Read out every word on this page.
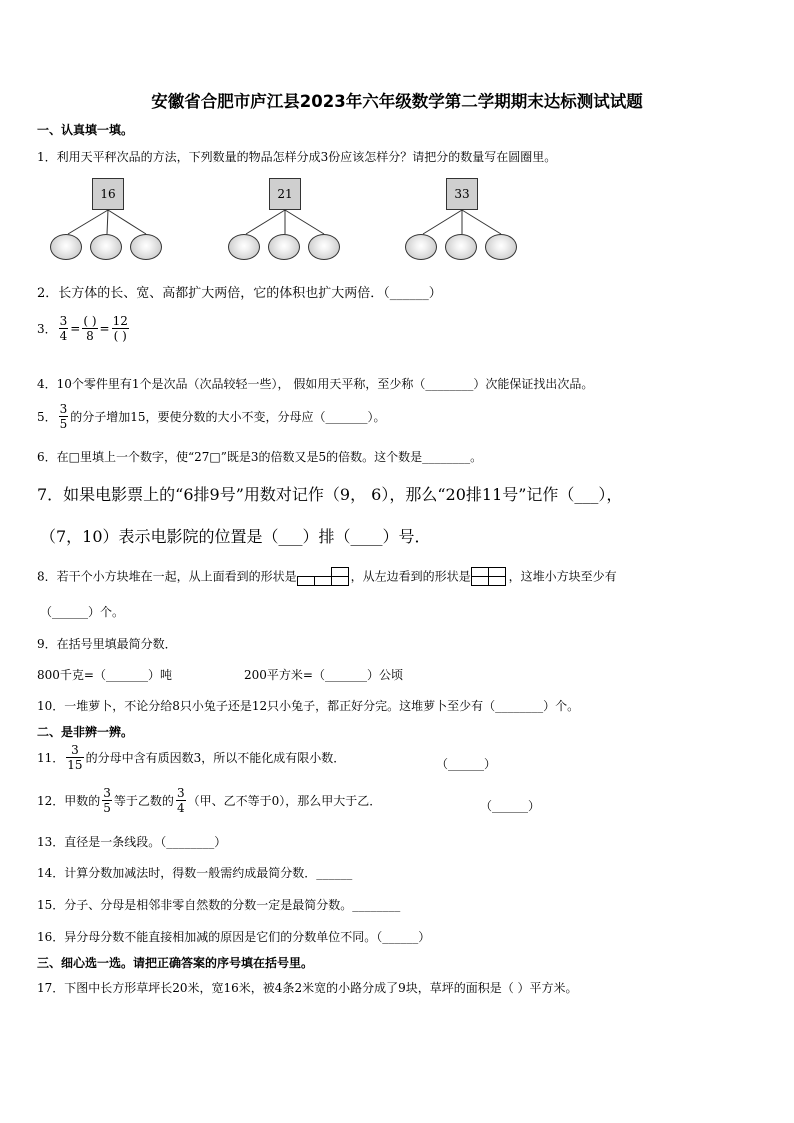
安徽省合肥市庐江县2023年六年级数学第二学期期末达标测试试题
一、认真填一填。
1．利用天平秤次品的方法，下列数量的物品怎样分成3份应该怎样分？请把分的数量写在圆圈里。
16	21	33
2．长方体的长、宽、高都扩大两倍，它的体积也扩大两倍．（______）
3． $\frac{3}{4} = \frac{( )}{8} = \frac{12}{( )}$
4．10个零件里有1个是次品（次品较轻一些）， 假如用天平称，至少称（________）次能保证找出次品。
5． $\frac{3}{5}$ 的分子增加15，要使分数的大小不变，分母应（_______）。
6．在□里填上一个数字，使“27□”既是3的倍数又是5的倍数。这个数是________。
7．如果电影票上的“6排9号”用数对记作（9， 6），那么“20排11号”记作（___），
（7，10）表示电影院的位置是（___）排（____）号．
8．若干个小方块堆在一起，从上面看到的形状是	，从左边看到的形状是	，这堆小方块至少有
（______）个。
9．在括号里填最简分数．
800千克=（_______）吨	200平方米=（_______）公顷
10．一堆萝卜，不论分给8只小兔子还是12只小兔子，都正好分完。这堆萝卜至少有（________）个。
二、是非辨一辨。
11． $\frac{3}{15}$ 的分母中含有质因数3，所以不能化成有限小数．	（______）
12．甲数的 $\frac{3}{5}$ 等于乙数的 $\frac{3}{4}$ （甲、乙不等于0），那么甲大于乙．	（______）
13．直径是一条线段。（________）
14．计算分数加减法时，得数一般需约成最简分数．______
15．分子、分母是相邻非零自然数的分数一定是最简分数。________
16．异分母分数不能直接相加减的原因是它们的分数单位不同。（______）
三、细心选一选。请把正确答案的序号填在括号里。
17．下图中长方形草坪长20米，宽16米，被4条2米宽的小路分成了9块，草坪的面积是（ ）平方米。
